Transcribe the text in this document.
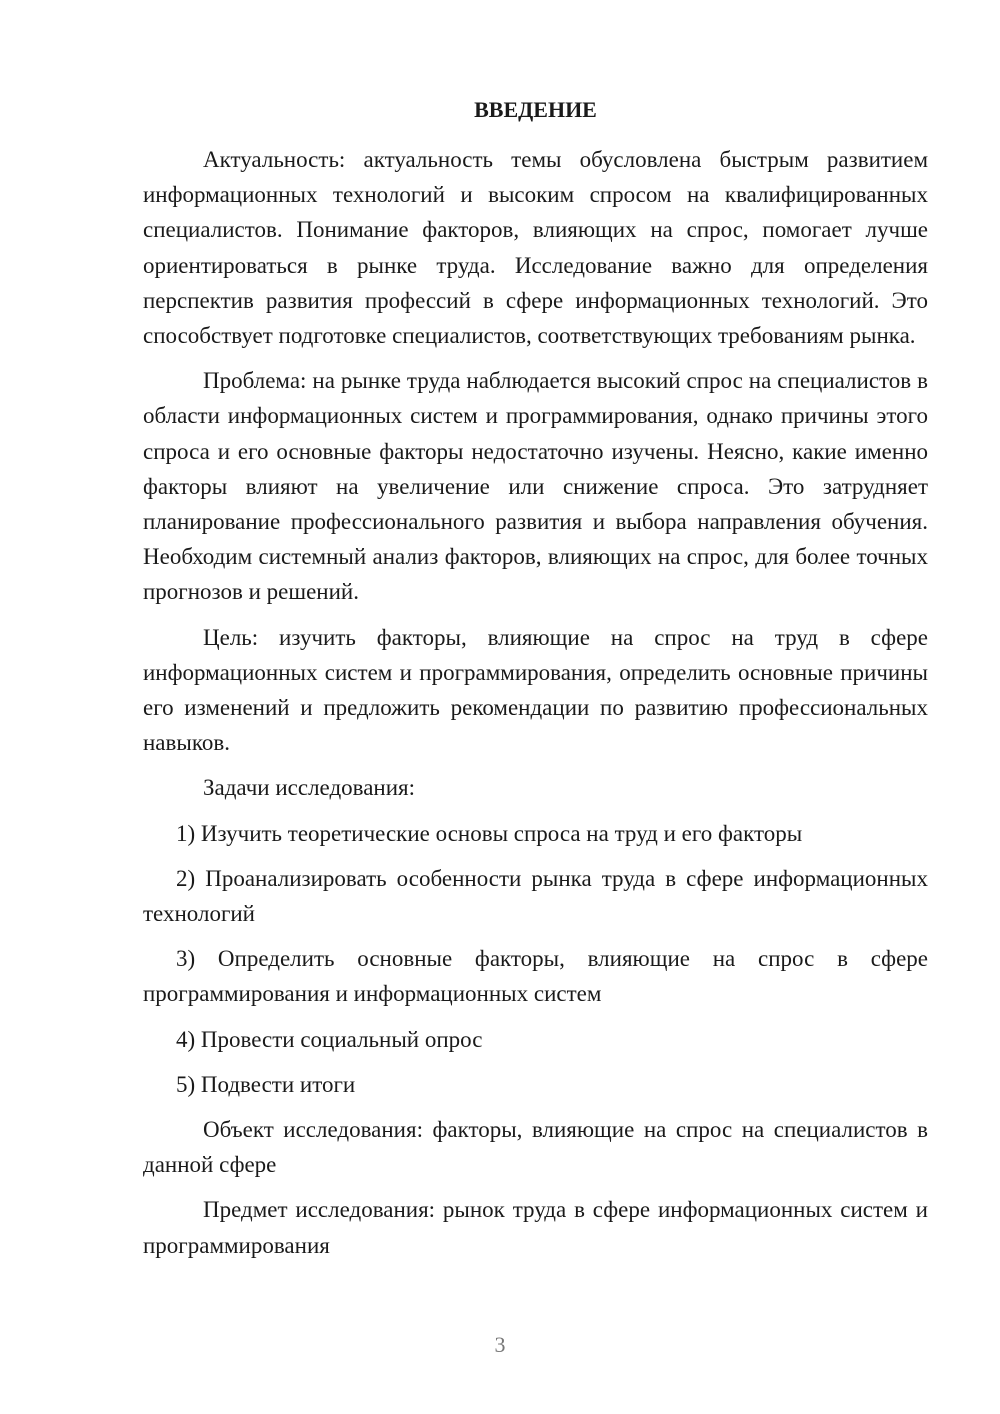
ВВЕДЕНИЕ

Актуальность: актуальность темы обусловлена быстрым развитием информационных технологий и высоким спросом на квалифицированных специалистов. Понимание факторов, влияющих на спрос, помогает лучше ориентироваться в рынке труда. Исследование важно для определения перспектив развития профессий в сфере информационных технологий. Это способствует подготовке специалистов, соответствующих требованиям рынка.

Проблема: на рынке труда наблюдается высокий спрос на специалистов в области информационных систем и программирования, однако причины этого спроса и его основные факторы недостаточно изучены. Неясно, какие именно факторы влияют на увеличение или снижение спроса. Это затрудняет планирование профессионального развития и выбора направления обучения. Необходим системный анализ факторов, влияющих на спрос, для более точных прогнозов и решений.

Цель: изучить факторы, влияющие на спрос на труд в сфере информационных систем и программирования, определить основные причины его изменений и предложить рекомендации по развитию профессиональных навыков.

Задачи исследования:

1) Изучить теоретические основы спроса на труд и его факторы

2) Проанализировать особенности рынка труда в сфере информационных технологий

3) Определить основные факторы, влияющие на спрос в сфере программирования и информационных систем

4) Провести социальный опрос

5) Подвести итоги

Объект исследования: факторы, влияющие на спрос на специалистов в данной сфере

Предмет исследования: рынок труда в сфере информационных систем и программирования

3
